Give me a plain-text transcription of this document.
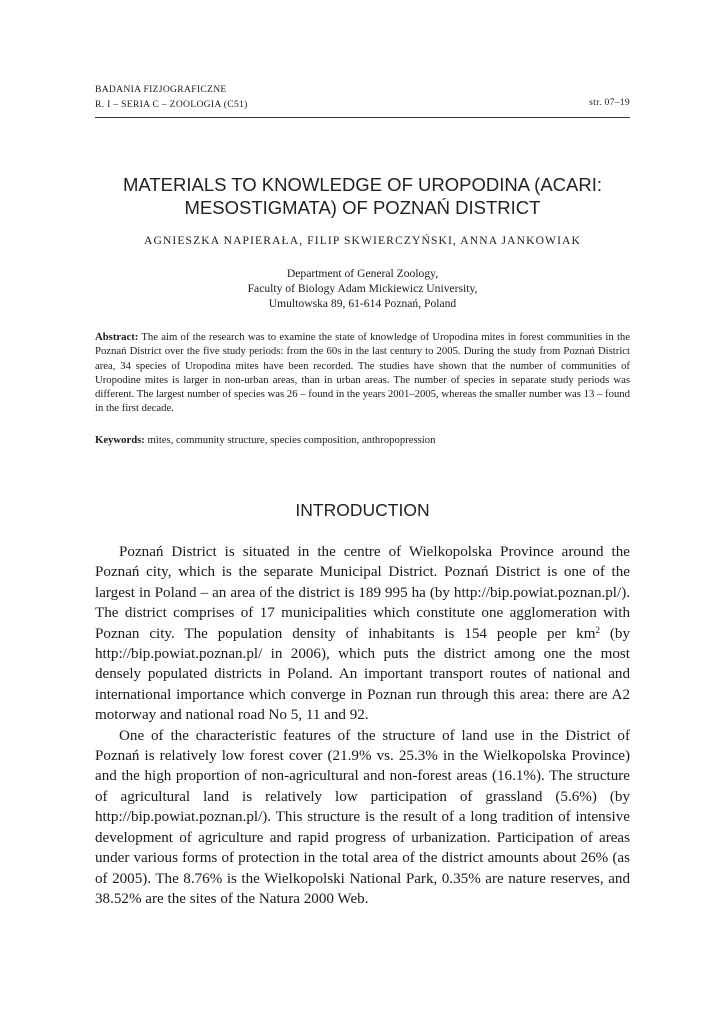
BADANIA FIZJOGRAFICZNE
R. I – SERIA C – ZOOLOGIA (C51)	str. 07–19
MATERIALS TO KNOWLEDGE OF UROPODINA (ACARI:
MESOSTIGMATA) OF POZNAŃ DISTRICT
AGNIESZKA NAPIERAŁA, FILIP SKWIERCZYŃSKI, ANNA JANKOWIAK
Department of General Zoology,
Faculty of Biology Adam Mickiewicz University,
Umultowska 89, 61-614 Poznań, Poland
Abstract: The aim of the research was to examine the state of knowledge of Uropodina mites in forest communities in the Poznań District over the five study periods: from the 60s in the last century to 2005. During the study from Poznań District area, 34 species of Uropodina mites have been recorded. The studies have shown that the number of communities of Uropodine mites is larger in non-urban areas, than in urban areas. The number of species in separate study periods was different. The largest number of species was 26 – found in the years 2001–2005, whereas the smaller number was 13 – found in the first decade.
Keywords: mites, community structure, species composition, anthropopression
INTRODUCTION

Poznań District is situated in the centre of Wielkopolska Province around the Poznań city, which is the separate Municipal District. Poznań District is one of the largest in Poland – an area of the district is 189 995 ha (by http://bip.powiat.poznan.pl/). The district comprises of 17 municipalities which constitute one agglomeration with Poznan city. The population density of inhabitants is 154 people per $km^2$ (by http://bip.powiat.poznan.pl/ in 2006), which puts the district among one the most densely populated districts in Poland. An important transport routes of national and international importance which converge in Poznan run through this area: there are A2 motorway and national road No 5, 11 and 92.

One of the characteristic features of the structure of land use in the District of Poznań is relatively low forest cover (21.9% vs. 25.3% in the Wielkopolska Province) and the high proportion of non-agricultural and non-forest areas (16.1%). The structure of agricultural land is relatively low participation of grassland (5.6%) (by http://bip.powiat.poznan.pl/). This structure is the result of a long tradition of intensive development of agriculture and rapid progress of urbanization. Participation of areas under various forms of protection in the total area of the district amounts about 26% (as of 2005). The 8.76% is the Wielkopolski National Park, 0.35% are nature reserves, and 38.52% are the sites of the Natura 2000 Web.
